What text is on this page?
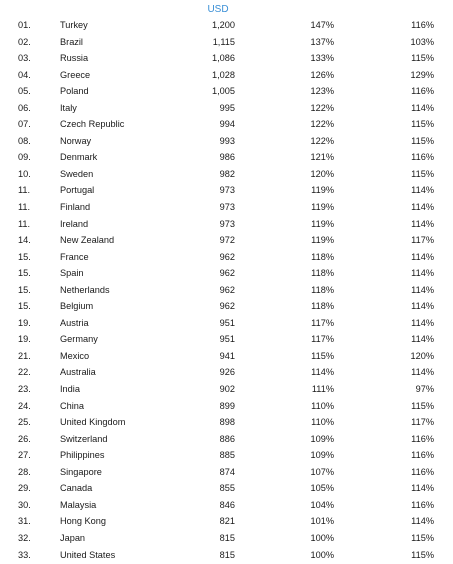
USD
01.	Turkey	1,200	147%	116%
02.	Brazil	1,115	137%	103%
03.	Russia	1,086	133%	115%
04.	Greece	1,028	126%	129%
05.	Poland	1,005	123%	116%
06.	Italy	995	122%	114%
07.	Czech Republic	994	122%	115%
08.	Norway	993	122%	115%
09.	Denmark	986	121%	116%
10.	Sweden	982	120%	115%
11.	Portugal	973	119%	114%
11.	Finland	973	119%	114%
11.	Ireland	973	119%	114%
14.	New Zealand	972	119%	117%
15.	France	962	118%	114%
15.	Spain	962	118%	114%
15.	Netherlands	962	118%	114%
15.	Belgium	962	118%	114%
19.	Austria	951	117%	114%
19.	Germany	951	117%	114%
21.	Mexico	941	115%	120%
22.	Australia	926	114%	114%
23.	India	902	111%	97%
24.	China	899	110%	115%
25.	United Kingdom	898	110%	117%
26.	Switzerland	886	109%	116%
27.	Philippines	885	109%	116%
28.	Singapore	874	107%	116%
29.	Canada	855	105%	114%
30.	Malaysia	846	104%	116%
31.	Hong Kong	821	101%	114%
32.	Japan	815	100%	115%
33.	United States	815	100%	115%
